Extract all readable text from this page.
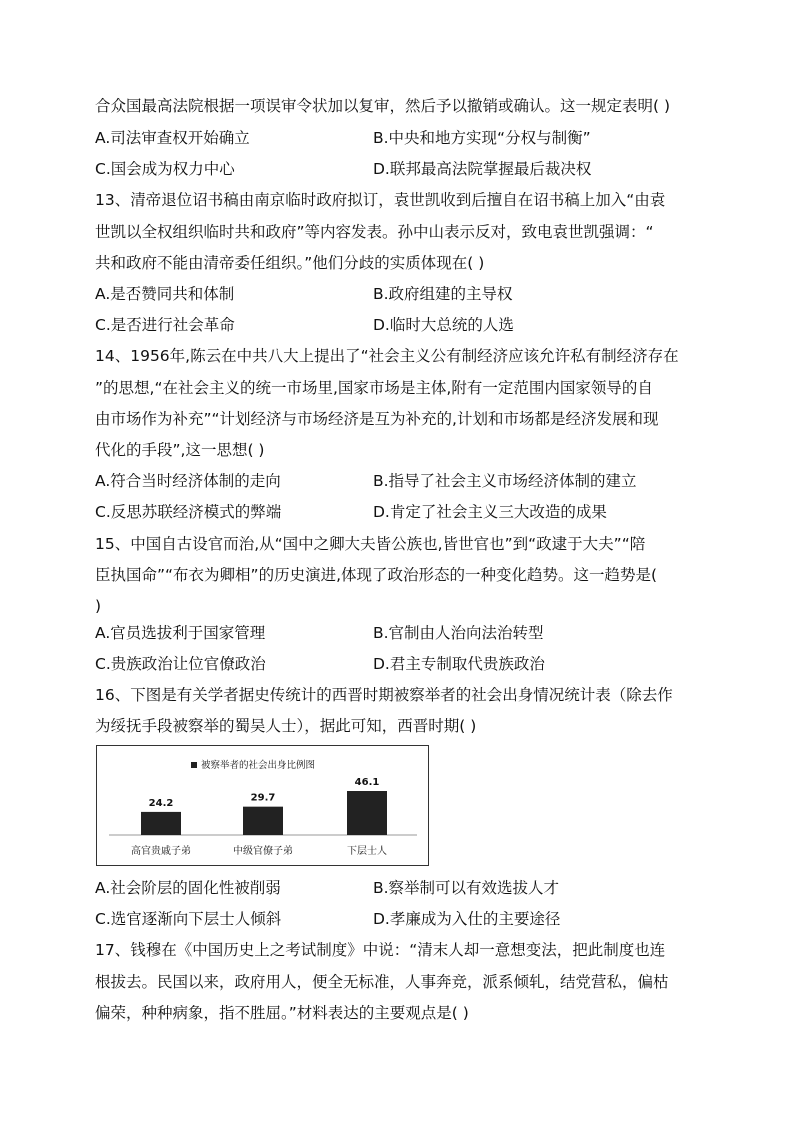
合众国最高法院根据一项误审令状加以复审，然后予以撤销或确认。这一规定表明( )
A.司法审查权开始确立	B.中央和地方实现“分权与制衡”
C.国会成为权力中心	D.联邦最高法院掌握最后裁决权
13、清帝退位诏书稿由南京临时政府拟订，袁世凯收到后擅自在诏书稿上加入“由袁
世凯以全权组织临时共和政府”等内容发表。孙中山表示反对，致电袁世凯强调：“
共和政府不能由清帝委任组织。”他们分歧的实质体现在( )
A.是否赞同共和体制	B.政府组建的主导权
C.是否进行社会革命	D.临时大总统的人选
14、1956年,陈云在中共八大上提出了“社会主义公有制经济应该允许私有制经济存在
”的思想,“在社会主义的统一市场里,国家市场是主体,附有一定范围内国家领导的自
由市场作为补充”“计划经济与市场经济是互为补充的,计划和市场都是经济发展和现
代化的手段”,这一思想( )
A.符合当时经济体制的走向	B.指导了社会主义市场经济体制的建立
C.反思苏联经济模式的弊端	D.肯定了社会主义三大改造的成果
15、中国自古设官而治,从“国中之卿大夫皆公族也,皆世官也”到“政逮于大夫”“陪
臣执国命”“布衣为卿相”的历史演进,体现了政治形态的一种变化趋势。这一趋势是(
)
A.官员选拔利于国家管理	B.官制由人治向法治转型
C.贵族政治让位官僚政治	D.君主专制取代贵族政治
16、下图是有关学者据史传统计的西晋时期被察举者的社会出身情况统计表（除去作
为绥抚手段被察举的蜀吴人士），据此可知，西晋时期( )
被察举者的社会出身比例图
24.2
高官贵戚子弟
29.7
中级官僚子弟
46.1
下层士人
A.社会阶层的固化性被削弱	B.察举制可以有效选拔人才
C.选官逐渐向下层士人倾斜	D.孝廉成为入仕的主要途径
17、钱穆在《中国历史上之考试制度》中说：“清末人却一意想变法，把此制度也连
根拔去。民国以来，政府用人，便全无标准，人事奔竞，派系倾轧，结党营私，偏枯
偏荣，种种病象，指不胜屈。”材料表达的主要观点是( )
